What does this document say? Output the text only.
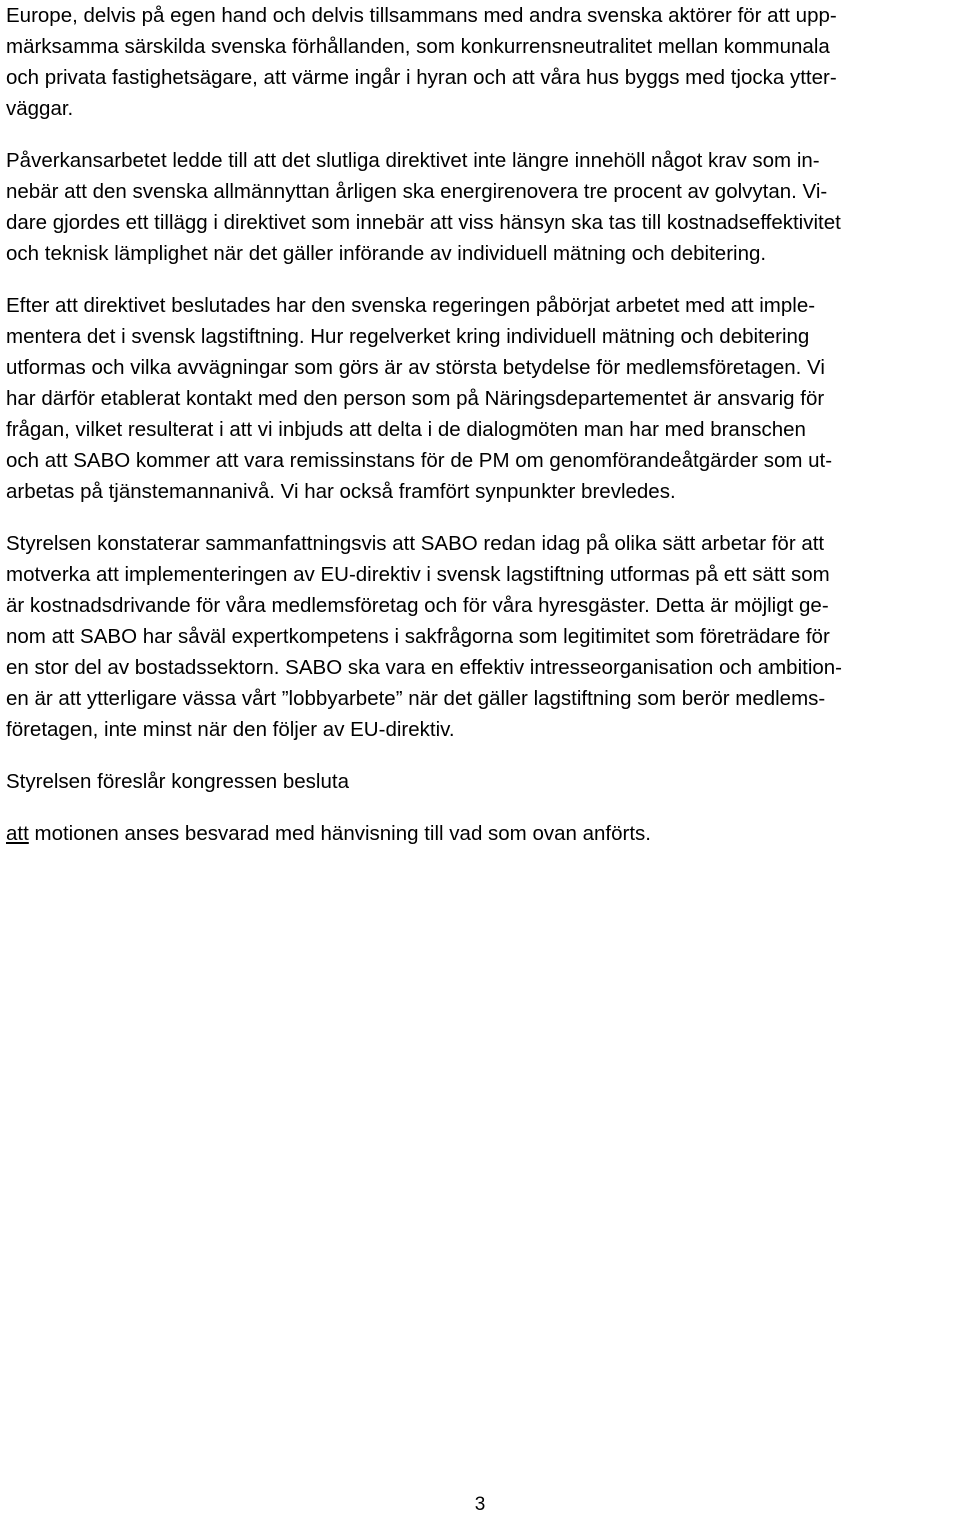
Europe, delvis på egen hand och delvis tillsammans med andra svenska aktörer för att upp-
märksamma särskilda svenska förhållanden, som konkurrensneutralitet mellan kommunala
och privata fastighetsägare, att värme ingår i hyran och att våra hus byggs med tjocka ytter-
väggar.
Påverkansarbetet ledde till att det slutliga direktivet inte längre innehöll något krav som in-
nebär att den svenska allmännyttan årligen ska energirenovera tre procent av golvytan. Vi-
dare gjordes ett tillägg i direktivet som innebär att viss hänsyn ska tas till kostnadseffektivitet
och teknisk lämplighet när det gäller införande av individuell mätning och debitering.
Efter att direktivet beslutades har den svenska regeringen påbörjat arbetet med att imple-
mentera det i svensk lagstiftning. Hur regelverket kring individuell mätning och debitering
utformas och vilka avvägningar som görs är av största betydelse för medlemsföretagen. Vi
har därför etablerat kontakt med den person som på Näringsdepartementet är ansvarig för
frågan, vilket resulterat i att vi inbjuds att delta i de dialogmöten man har med branschen
och att SABO kommer att vara remissinstans för de PM om genomförandeåtgärder som ut-
arbetas på tjänstemannanivå. Vi har också framfört synpunkter brevledes.
Styrelsen konstaterar sammanfattningsvis att SABO redan idag på olika sätt arbetar för att
motverka att implementeringen av EU-direktiv i svensk lagstiftning utformas på ett sätt som
är kostnadsdrivande för våra medlemsföretag och för våra hyresgäster. Detta är möjligt ge-
nom att SABO har såväl expertkompetens i sakfrågorna som legitimitet som företrädare för
en stor del av bostadssektorn. SABO ska vara en effektiv intresseorganisation och ambition-
en är att ytterligare vässa vårt ”lobbyarbete” när det gäller lagstiftning som berör medlems-
företagen, inte minst när den följer av EU-direktiv.
Styrelsen föreslår kongressen besluta
att motionen anses besvarad med hänvisning till vad som ovan anförts.
3
